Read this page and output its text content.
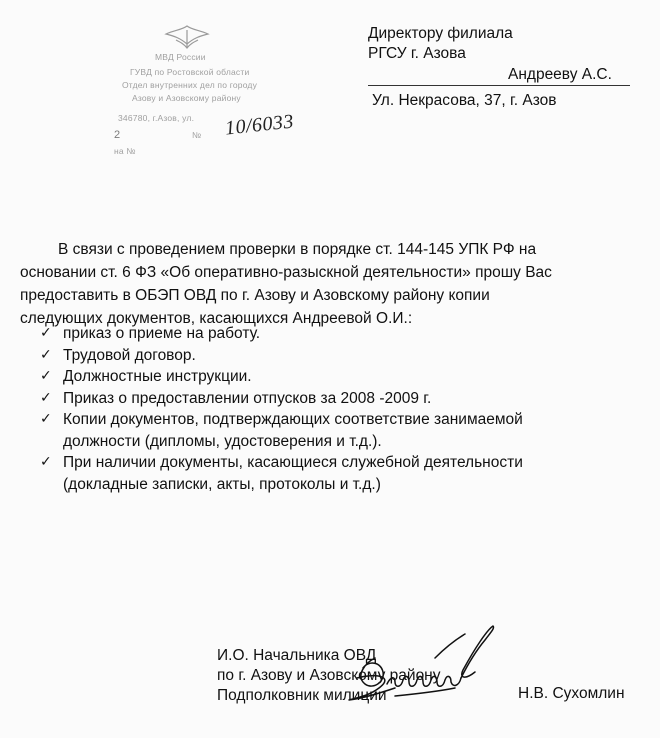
МВД России
ГУВД по Ростовской области
Отдел внутренних дел по городу
Азову и Азовскому району
346780, г.Азов, ул.
2	№
на №
10/6033
Директору филиала
РГСУ г. Азова
Андрееву А.С.
Ул. Некрасова, 37, г. Азов
В связи с проведением проверки в порядке ст. 144-145 УПК РФ на
основании ст. 6 ФЗ «Об оперативно-разыскной деятельности» прошу Вас
предоставить в ОБЭП ОВД по г. Азову и Азовскому району копии
следующих документов, касающихся Андреевой О.И.:
✓ приказ о приеме на работу.
✓ Трудовой договор.
✓ Должностные инструкции.
✓ Приказ о предоставлении отпусков за 2008 -2009 г.
✓ Копии документов, подтверждающих соответствие занимаемой
должности (дипломы, удостоверения и т.д.).
✓ При наличии документы, касающиеся служебной деятельности
(докладные записки, акты, протоколы и т.д.)
И.О. Начальника ОВД
по г. Азову и Азовскому району
Подполковник милиции	Н.В. Сухомлин
